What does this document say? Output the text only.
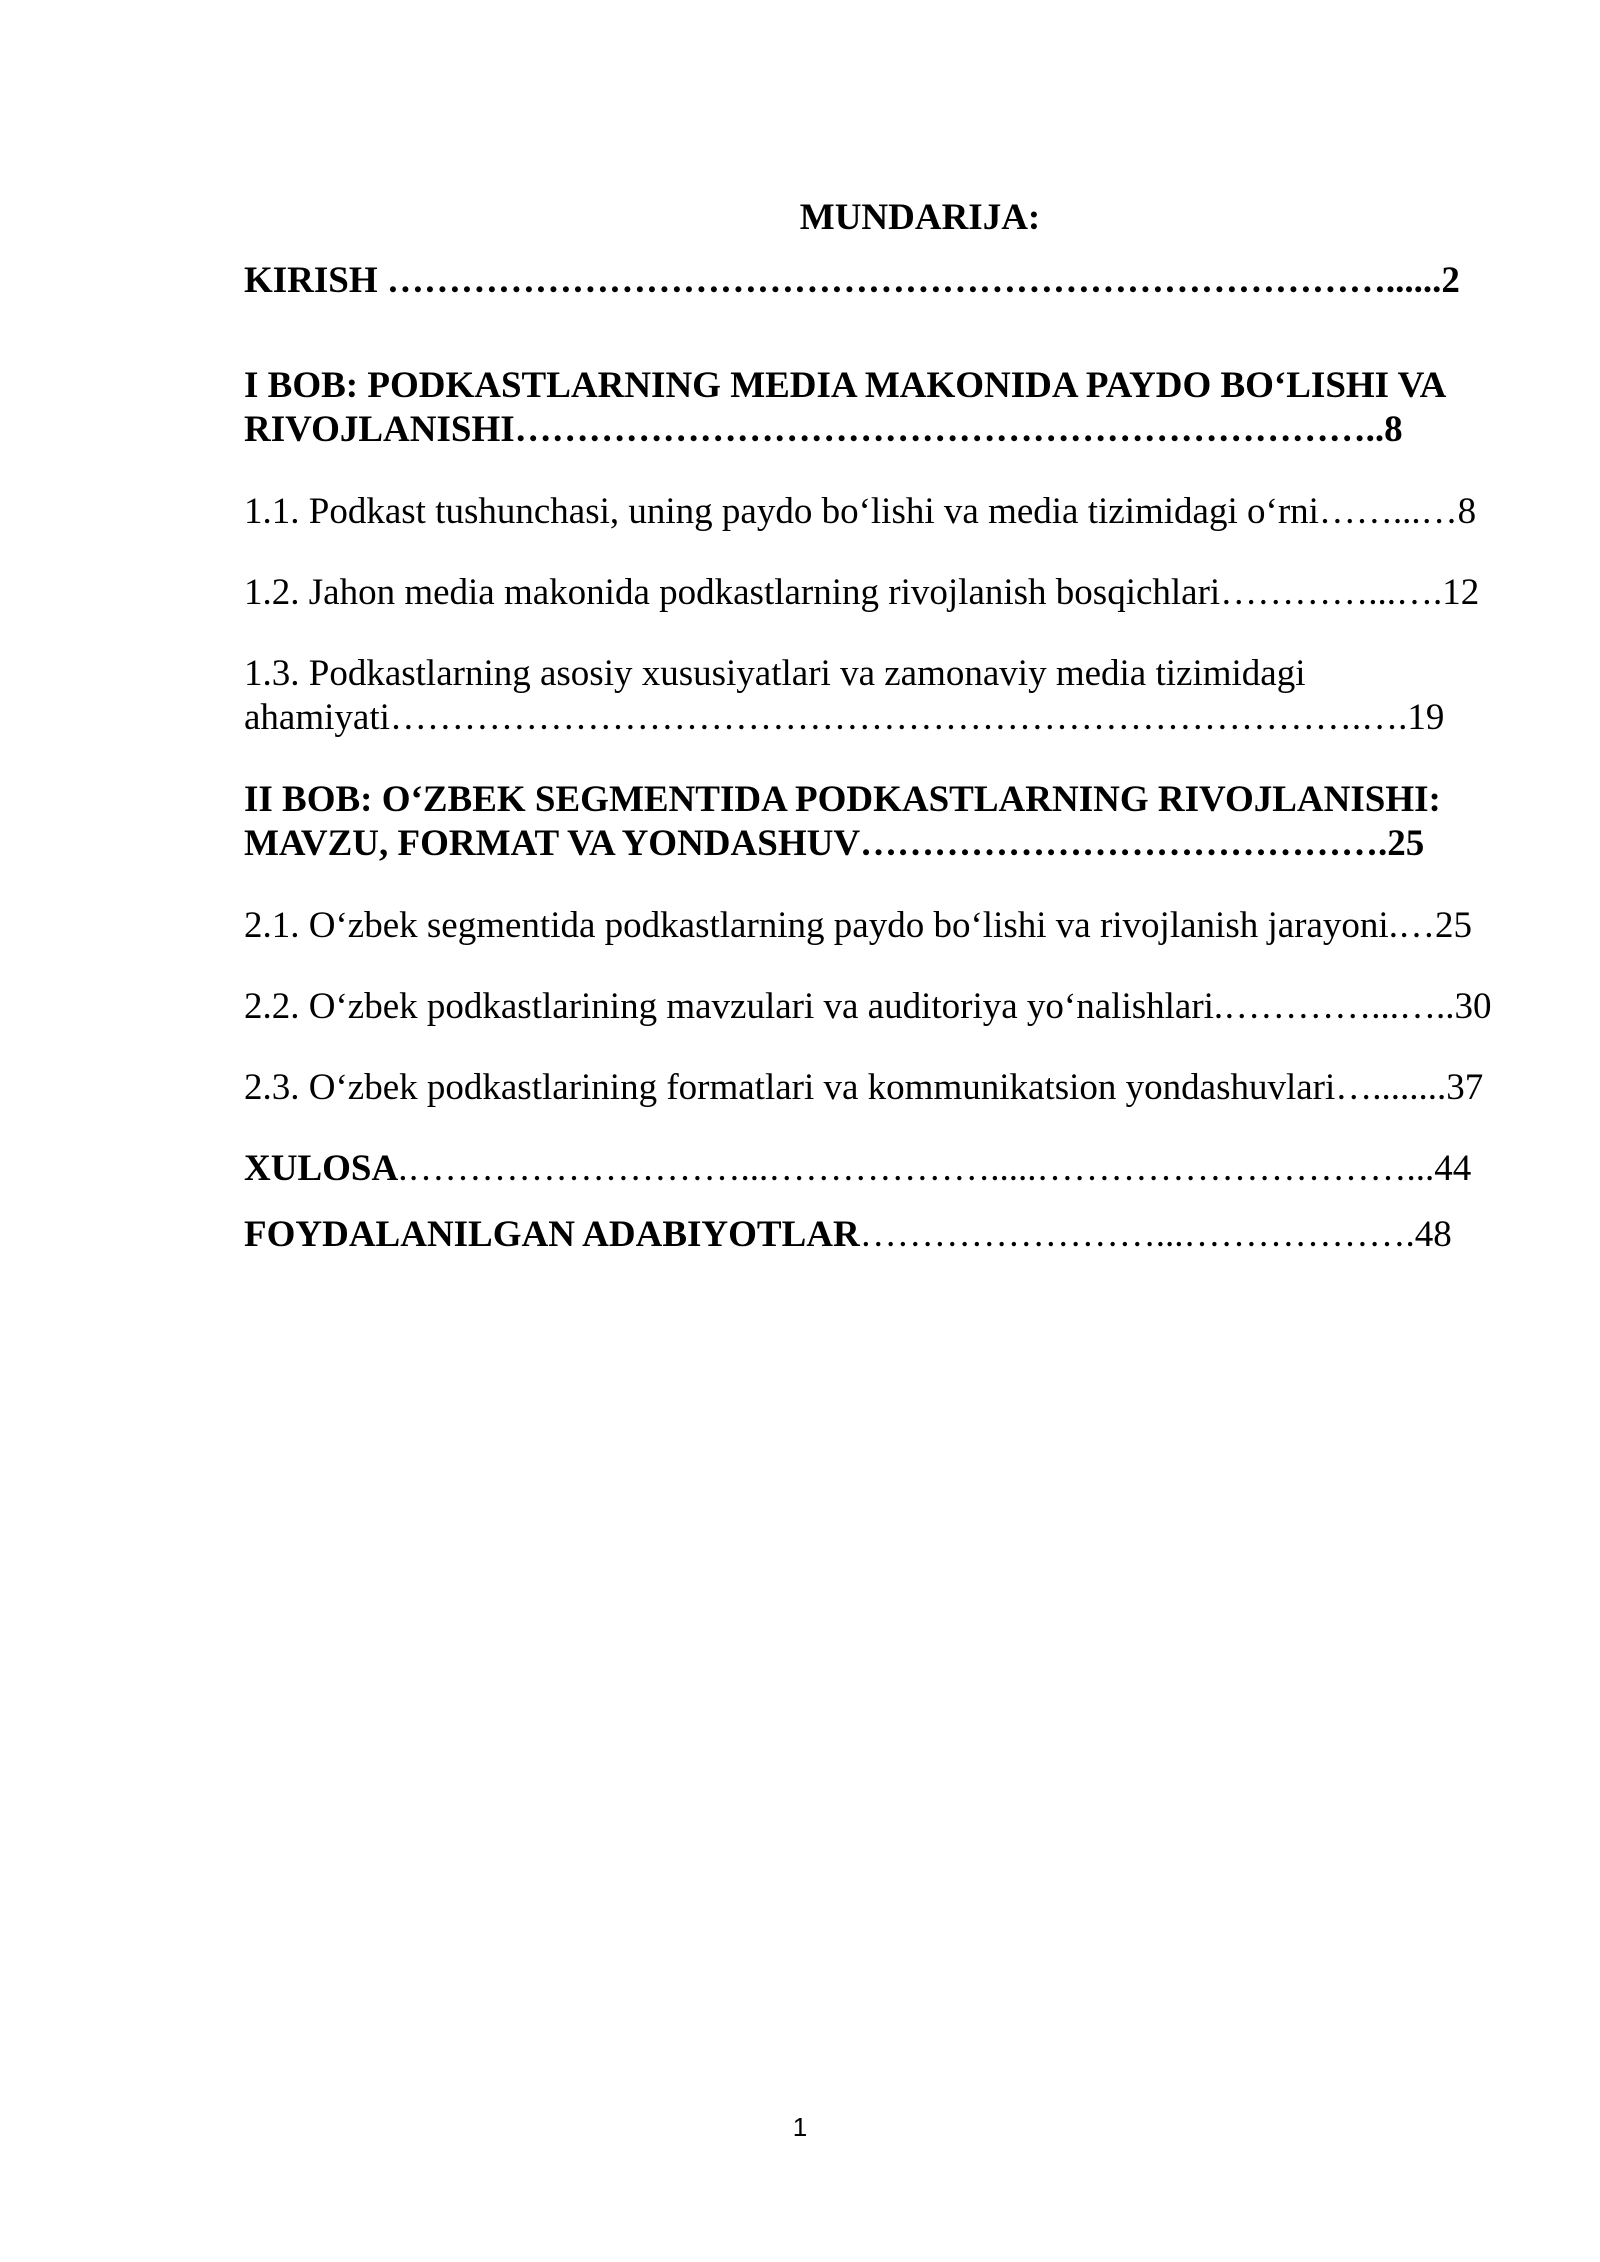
MUNDARIJA:
KIRISH ………………………………………………………………………......2
I BOB: PODKASTLARNING MEDIA MAKONIDA PAYDO BO‘LISHI VA
RIVOJLANISHI……………………………………………………………..8
1.1. Podkast tushunchasi, uning paydo bo‘lishi va media tizimidagi o‘rni……...…8
1.2. Jahon media makonida podkastlarning rivojlanish bosqichlari…………...….12
1.3. Podkastlarning asosiy xususiyatlari va zamonaviy media tizimidagi
ahamiyati…………………………………………………………………….….19
II BOB: O‘ZBEK SEGMENTIDA PODKASTLARNING RIVOJLANISHI:
MAVZU, FORMAT VA YONDASHUV…………………………………….25
2.1. O‘zbek segmentida podkastlarning paydo bo‘lishi va rivojlanish jarayoni.…25
2.2. O‘zbek podkastlarining mavzulari va auditoriya yo‘nalishlari.…………...…..30
2.3. O‘zbek podkastlarining formatlari va kommunikatsion yondashuvlari…........37
XULOSA.………………………...……………….....…………………………...44
FOYDALANILGAN ADABIYOTLAR……………………...……………….48
1
